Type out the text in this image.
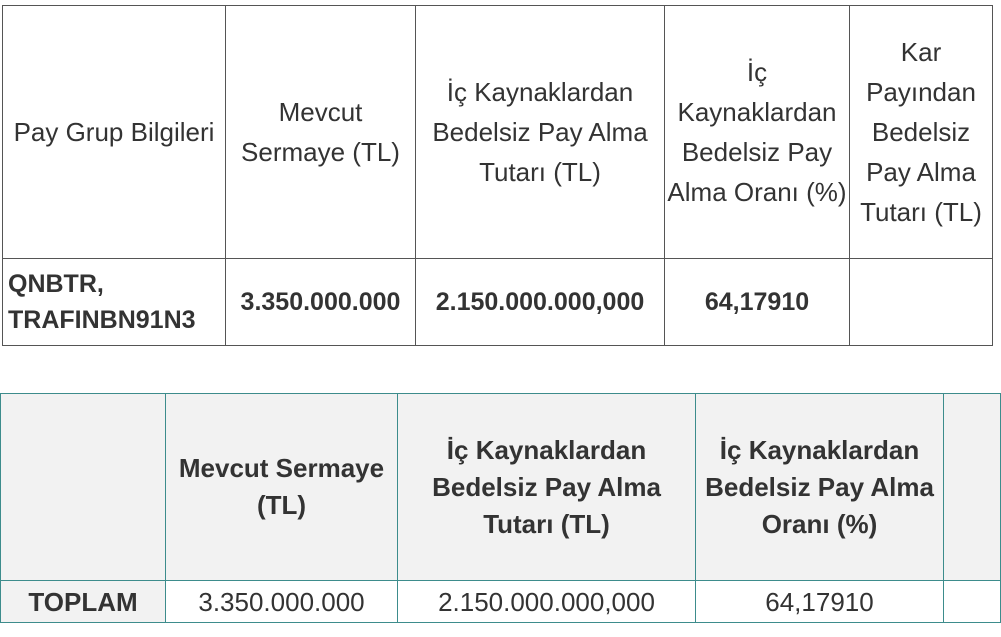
Pay Grup Bilgileri	Mevcut Sermaye (TL)	İç Kaynaklardan Bedelsiz Pay Alma Tutarı (TL)	İç Kaynaklardan Bedelsiz Pay Alma Oranı (%)	Kar Payından Bedelsiz Pay Alma Tutarı (TL)

QNBTR,
TRAFINBN91N3	3.350.000.000	2.150.000.000,000	64,17910	
	Mevcut Sermaye (TL)	İç Kaynaklardan Bedelsiz Pay Alma Tutarı (TL)	İç Kaynaklardan Bedelsiz Pay Alma Oranı (%)	
TOPLAM	3.350.000.000	2.150.000.000,000	64,17910	
